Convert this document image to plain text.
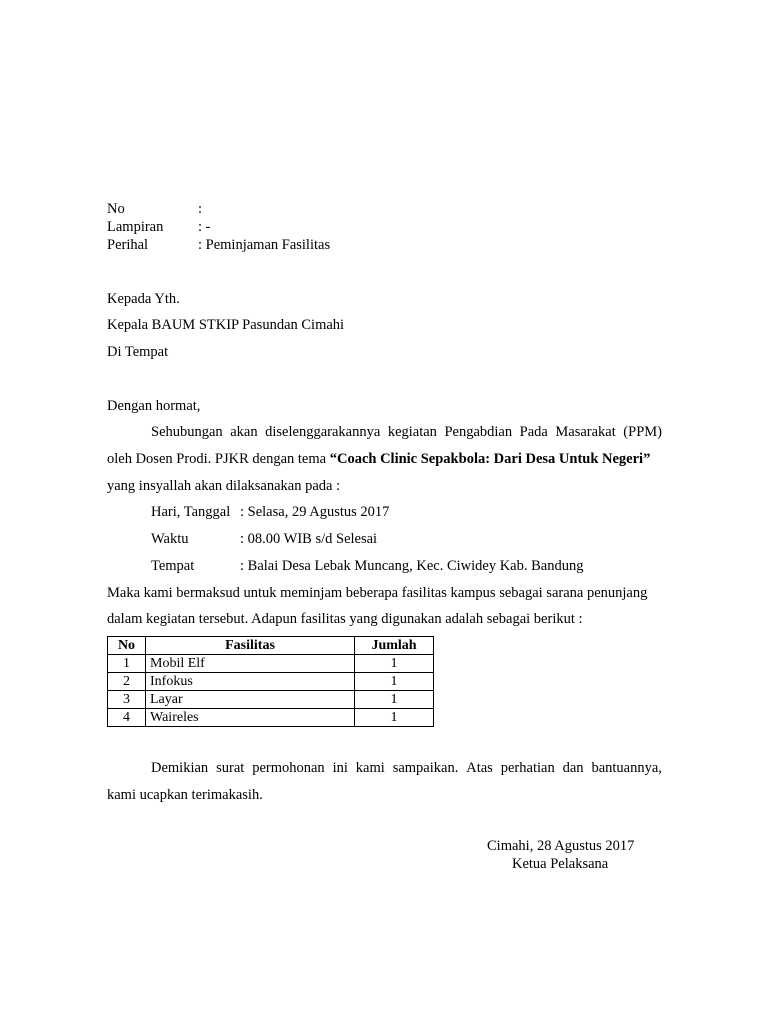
No	:
Lampiran : -
Perihal	: Peminjaman Fasilitas
Kepada Yth.
Kepala BAUM STKIP Pasundan Cimahi
Di Tempat
Dengan hormat,
Sehubungan akan diselenggarakannya kegiatan Pengabdian Pada Masarakat (PPM)
oleh Dosen Prodi. PJKR dengan tema “Coach Clinic Sepakbola: Dari Desa Untuk Negeri”
yang insyallah akan dilaksanakan pada :
Hari, Tanggal : Selasa, 29 Agustus 2017
Waktu	: 08.00 WIB s/d Selesai
Tempat	: Balai Desa Lebak Muncang, Kec. Ciwidey Kab. Bandung
Maka kami bermaksud untuk meminjam beberapa fasilitas kampus sebagai sarana penunjang
dalam kegiatan tersebut. Adapun fasilitas yang digunakan adalah sebagai berikut :
No	Fasilitas	Jumlah
1	Mobil Elf	1
2	Infokus	1
3	Layar	1
4	Waireles	1
Demikian surat permohonan ini kami sampaikan. Atas perhatian dan bantuannya,
kami ucapkan terimakasih.
Cimahi, 28 Agustus 2017
Ketua Pelaksana
